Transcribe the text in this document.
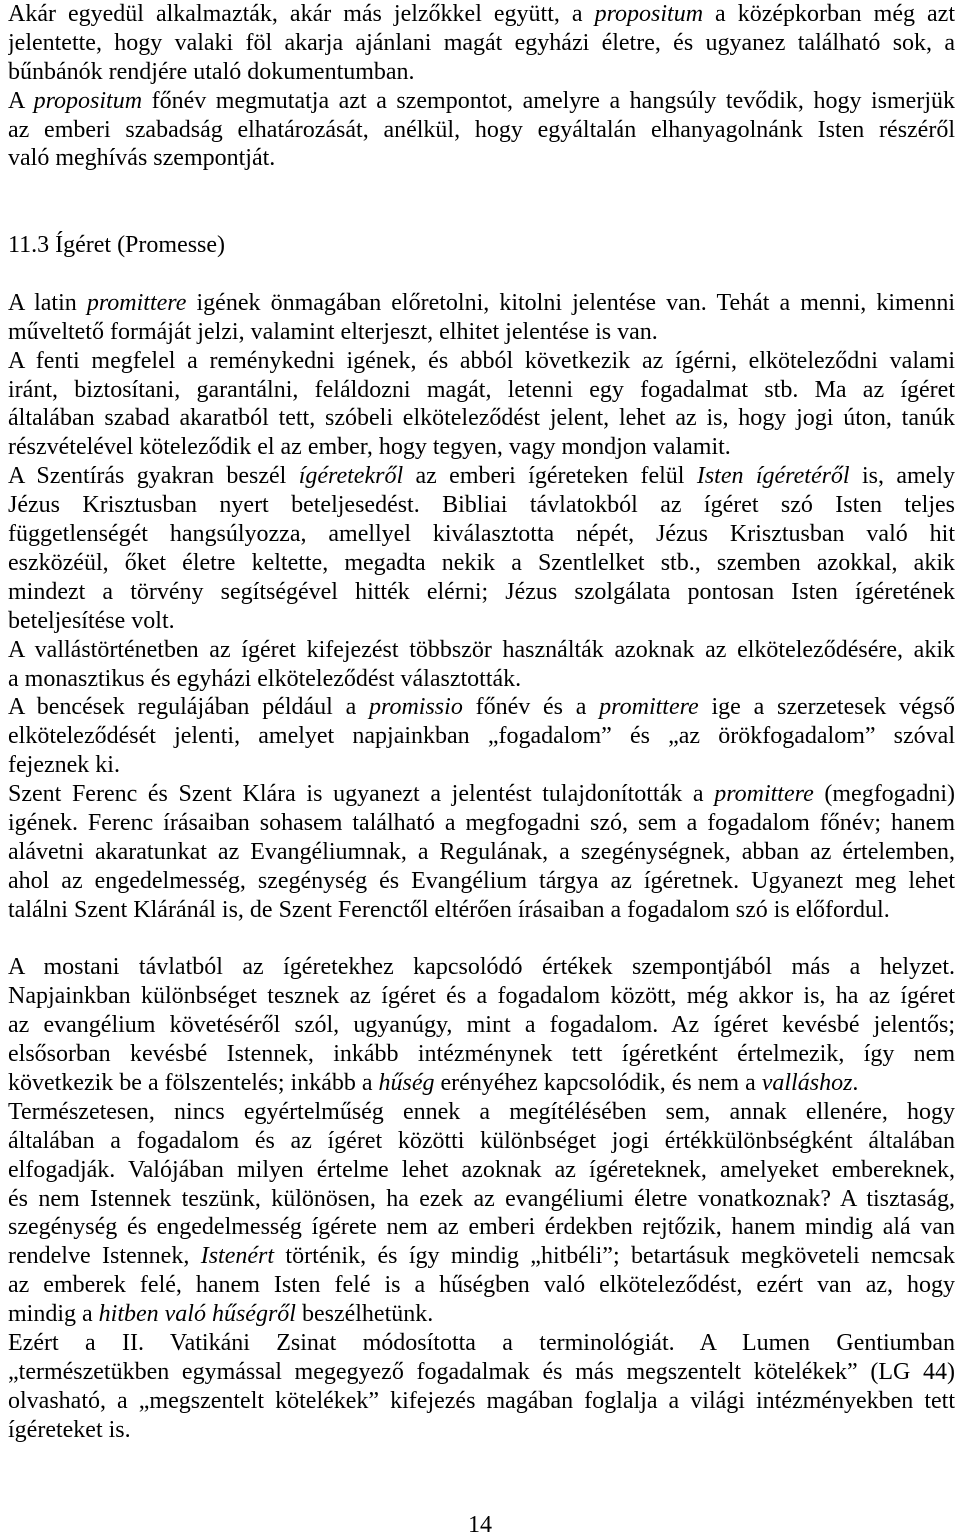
Akár egyedül alkalmazták, akár más jelzőkkel együtt, a propositum a középkorban még azt
jelentette, hogy valaki föl akarja ajánlani magát egyházi életre, és ugyanez található sok, a
bűnbánók rendjére utaló dokumentumban.
A propositum főnév megmutatja azt a szempontot, amelyre a hangsúly tevődik, hogy ismerjük
az emberi szabadság elhatározását, anélkül, hogy egyáltalán elhanyagolnánk Isten részéről
való meghívás szempontját.
11.3 Ígéret (Promesse)
A latin promittere igének önmagában előretolni, kitolni jelentése van. Tehát a menni, kimenni
műveltető formáját jelzi, valamint elterjeszt, elhitet jelentése is van.
A fenti megfelel a reménykedni igének, és abból következik az ígérni, elköteleződni valami
iránt, biztosítani, garantálni, feláldozni magát, letenni egy fogadalmat stb. Ma az ígéret
általában szabad akaratból tett, szóbeli elköteleződést jelent, lehet az is, hogy jogi úton, tanúk
részvételével köteleződik el az ember, hogy tegyen, vagy mondjon valamit.
A Szentírás gyakran beszél ígéretekről az emberi ígéreteken felül Isten ígéretéről is, amely
Jézus Krisztusban nyert beteljesedést. Bibliai távlatokból az ígéret szó Isten teljes
függetlenségét hangsúlyozza, amellyel kiválasztotta népét, Jézus Krisztusban való hit
eszközéül, őket életre keltette, megadta nekik a Szentlelket stb., szemben azokkal, akik
mindezt a törvény segítségével hitték elérni; Jézus szolgálata pontosan Isten ígéretének
beteljesítése volt.
A vallástörténetben az ígéret kifejezést többször használták azoknak az elköteleződésére, akik
a monasztikus és egyházi elköteleződést választották.
A bencések regulájában például a promissio főnév és a promittere ige a szerzetesek végső
elköteleződését jelenti, amelyet napjainkban „fogadalom” és „az örökfogadalom” szóval
fejeznek ki.
Szent Ferenc és Szent Klára is ugyanezt a jelentést tulajdonították a promittere (megfogadni)
igének. Ferenc írásaiban sohasem található a megfogadni szó, sem a fogadalom főnév; hanem
alávetni akaratunkat az Evangéliumnak, a Regulának, a szegénységnek, abban az értelemben,
ahol az engedelmesség, szegénység és Evangélium tárgya az ígéretnek. Ugyanezt meg lehet
találni Szent Kláránál is, de Szent Ferenctől eltérően írásaiban a fogadalom szó is előfordul.
A mostani távlatból az ígéretekhez kapcsolódó értékek szempontjából más a helyzet.
Napjainkban különbséget tesznek az ígéret és a fogadalom között, még akkor is, ha az ígéret
az evangélium követéséről szól, ugyanúgy, mint a fogadalom. Az ígéret kevésbé jelentős;
elsősorban kevésbé Istennek, inkább intézménynek tett ígéretként értelmezik, így nem
következik be a fölszentelés; inkább a hűség erényéhez kapcsolódik, és nem a valláshoz.
Természetesen, nincs egyértelműség ennek a megítélésében sem, annak ellenére, hogy
általában a fogadalom és az ígéret közötti különbséget jogi értékkülönbségként általában
elfogadják. Valójában milyen értelme lehet azoknak az ígéreteknek, amelyeket embereknek,
és nem Istennek teszünk, különösen, ha ezek az evangéliumi életre vonatkoznak? A tisztaság,
szegénység és engedelmesség ígérete nem az emberi érdekben rejtőzik, hanem mindig alá van
rendelve Istennek, Istenért történik, és így mindig „hitbéli”; betartásuk megköveteli nemcsak
az emberek felé, hanem Isten felé is a hűségben való elköteleződést, ezért van az, hogy
mindig a hitben való hűségről beszélhetünk.
Ezért a II. Vatikáni Zsinat módosította a terminológiát. A Lumen Gentiumban
„természetükben egymással megegyező fogadalmak és más megszentelt kötelékek” (LG 44)
olvasható, a „megszentelt kötelékek” kifejezés magában foglalja a világi intézményekben tett
ígéreteket is.
14
